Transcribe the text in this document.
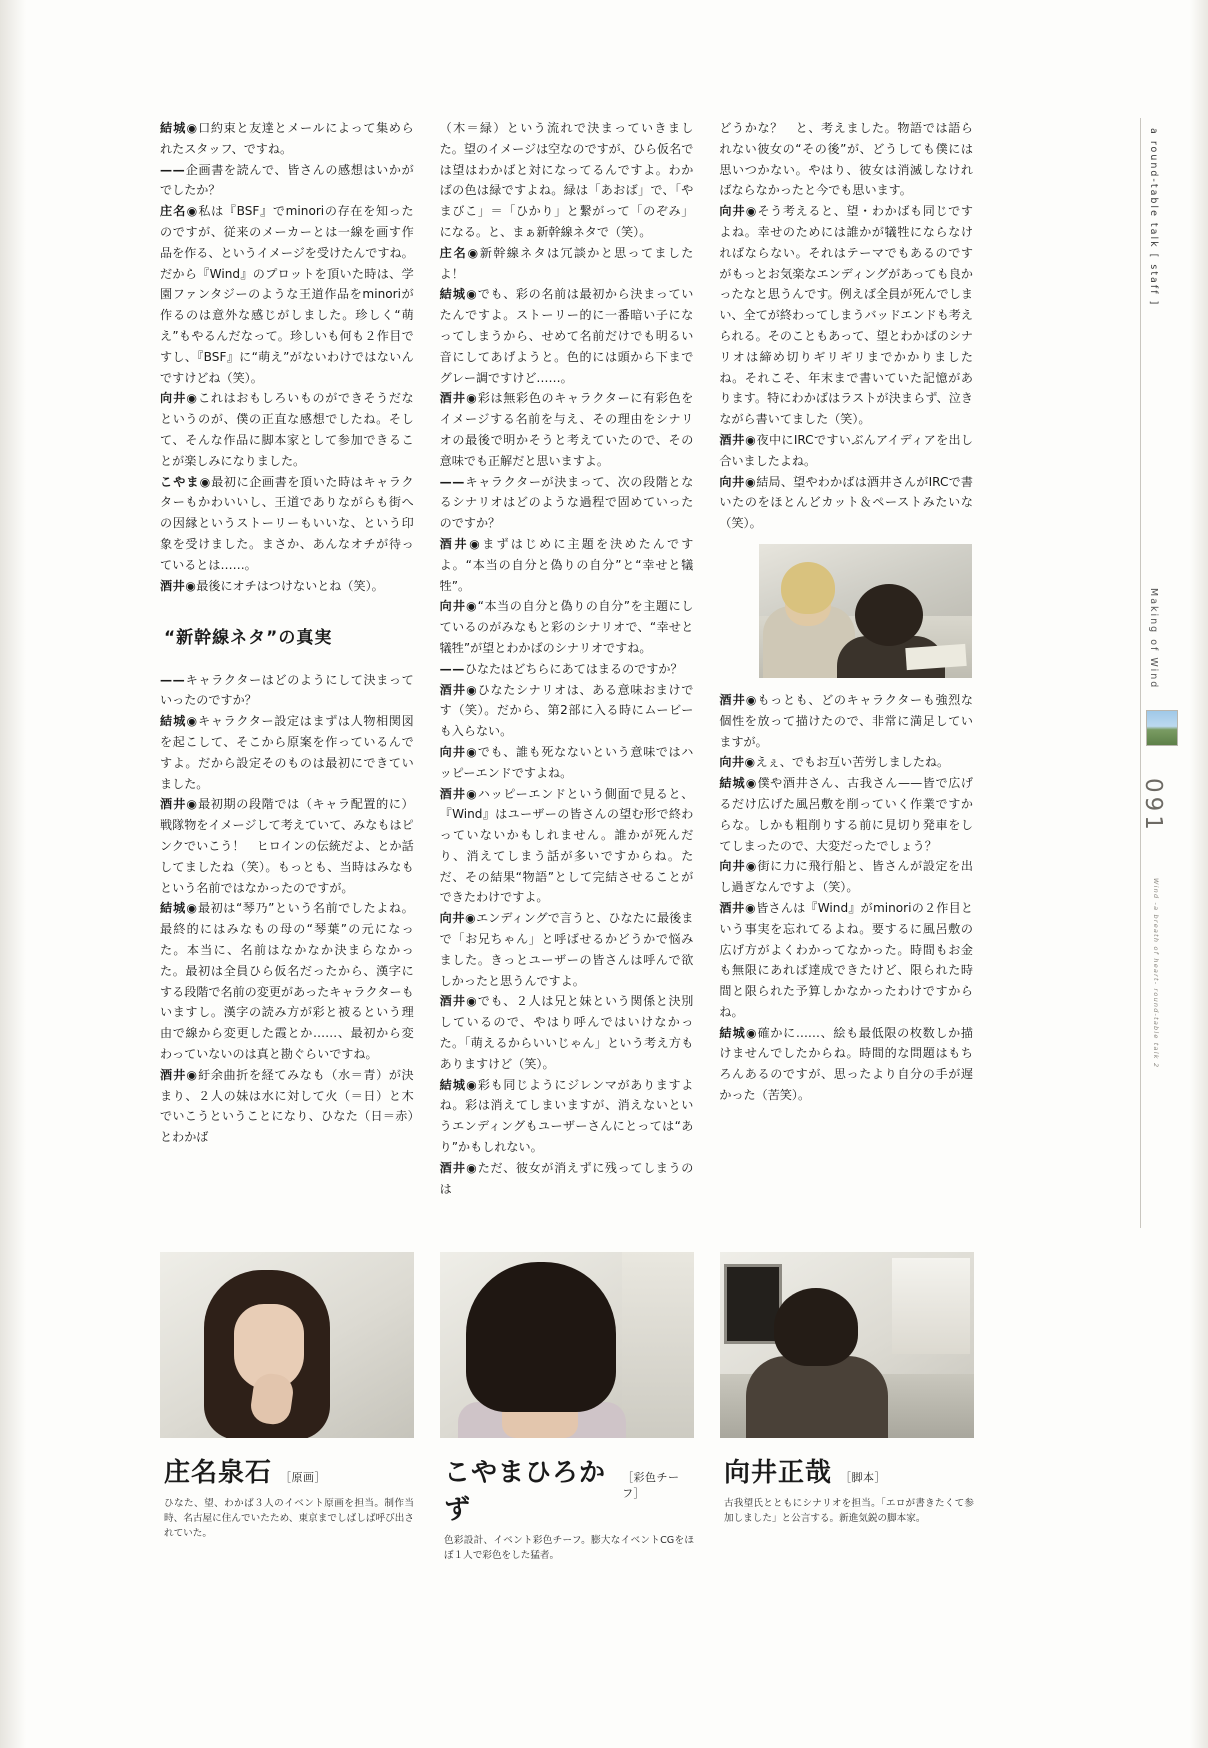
結城◉口約束と友達とメールによって集められたスタッフ、ですね。

——企画書を読んで、皆さんの感想はいかがでしたか？

庄名◉私は『BSF』でminoriの存在を知ったのですが、従来のメーカーとは一線を画す作品を作る、というイメージを受けたんですね。だから『Wind』のプロットを頂いた時は、学園ファンタジーのような王道作品をminoriが作るのは意外な感じがしました。珍しく“萌え”もやるんだなって。珍しいも何も２作目ですし、『BSF』に“萌え”がないわけではないんですけどね（笑）。

向井◉これはおもしろいものができそうだなというのが、僕の正直な感想でしたね。そして、そんな作品に脚本家として参加できることが楽しみになりました。

こやま◉最初に企画書を頂いた時はキャラクターもかわいいし、王道でありながらも街への因縁というストーリーもいいな、という印象を受けました。まさか、あんなオチが待っているとは……。

酒井◉最後にオチはつけないとね（笑）。

“新幹線ネタ”の真実

——キャラクターはどのようにして決まっていったのですか？

結城◉キャラクター設定はまずは人物相関図を起こして、そこから原案を作っているんですよ。だから設定そのものは最初にできていました。

酒井◉最初期の段階では（キャラ配置的に）戦隊物をイメージして考えていて、みなもはピンクでいこう！　ヒロインの伝統だよ、とか話してましたね（笑）。もっとも、当時はみなもという名前ではなかったのですが。

結城◉最初は“琴乃”という名前でしたよね。最終的にはみなもの母の“琴葉”の元になった。本当に、名前はなかなか決まらなかった。最初は全員ひら仮名だったから、漢字にする段階で名前の変更があったキャラクターもいますし。漢字の読み方が彩と被るという理由で線から変更した霞とか……、最初から変わっていないのは真と勘ぐらいですね。

酒井◉紆余曲折を経てみなも（水＝青）が決まり、２人の妹は水に対して火（＝日）と木でいこうということになり、ひなた（日＝赤）とわかば

（木＝緑）という流れで決まっていきました。望のイメージは空なのですが、ひら仮名では望はわかばと対になってるんですよ。わかばの色は緑ですよね。緑は「あおば」で、「やまびこ」＝「ひかり」と繋がって「のぞみ」になる。と、まぁ新幹線ネタで（笑）。

庄名◉新幹線ネタは冗談かと思ってましたよ！

結城◉でも、彩の名前は最初から決まっていたんですよ。ストーリー的に一番暗い子になってしまうから、せめて名前だけでも明るい音にしてあげようと。色的には頭から下までグレー調ですけど……。

酒井◉彩は無彩色のキャラクターに有彩色をイメージする名前を与え、その理由をシナリオの最後で明かそうと考えていたので、その意味でも正解だと思いますよ。

——キャラクターが決まって、次の段階となるシナリオはどのような過程で固めていったのですか？

酒井◉まずはじめに主題を決めたんですよ。“本当の自分と偽りの自分”と“幸せと犠牲”。

向井◉“本当の自分と偽りの自分”を主題にしているのがみなもと彩のシナリオで、“幸せと犠牲”が望とわかばのシナリオですね。

——ひなたはどちらにあてはまるのですか？

酒井◉ひなたシナリオは、ある意味おまけです（笑）。だから、第2部に入る時にムービーも入らない。

向井◉でも、誰も死なないという意味ではハッピーエンドですよね。

酒井◉ハッピーエンドという側面で見ると、『Wind』はユーザーの皆さんの望む形で終わっていないかもしれません。誰かが死んだり、消えてしまう話が多いですからね。ただ、その結果“物語”として完結させることができたわけですよ。

向井◉エンディングで言うと、ひなたに最後まで「お兄ちゃん」と呼ばせるかどうかで悩みました。きっとユーザーの皆さんは呼んで欲しかったと思うんですよ。

酒井◉でも、２人は兄と妹という関係と決別しているので、やはり呼んではいけなかった。「萌えるからいいじゃん」という考え方もありますけど（笑）。

結城◉彩も同じようにジレンマがありますよね。彩は消えてしまいますが、消えないというエンディングもユーザーさんにとっては“あり”かもしれない。

酒井◉ただ、彼女が消えずに残ってしまうのは

どうかな？　と、考えました。物語では語られない彼女の“その後”が、どうしても僕には思いつかない。やはり、彼女は消滅しなければならなかったと今でも思います。

向井◉そう考えると、望・わかばも同じですよね。幸せのためには誰かが犠牲にならなければならない。それはテーマでもあるのですがもっとお気楽なエンディングがあっても良かったなと思うんです。例えば全員が死んでしまい、全てが終わってしまうバッドエンドも考えられる。そのこともあって、望とわかばのシナリオは締め切りギリギリまでかかりましたね。それこそ、年末まで書いていた記憶があります。特にわかばはラストが決まらず、泣きながら書いてました（笑）。

酒井◉夜中にIRCですいぶんアイディアを出し合いましたよね。

向井◉結局、望やわかばは酒井さんがIRCで書いたのをほとんどカット＆ペーストみたいな（笑）。

酒井◉もっとも、どのキャラクターも強烈な個性を放って描けたので、非常に満足していますが。

向井◉えぇ、でもお互い苦労しましたね。

結城◉僕や酒井さん、古我さん——皆で広げるだけ広げた風呂敷を削っていく作業ですからな。しかも粗削りする前に見切り発車をしてしまったので、大変だったでしょう？

向井◉街に力に飛行船と、皆さんが設定を出し過ぎなんですよ（笑）。

酒井◉皆さんは『Wind』がminoriの２作目という事実を忘れてるよね。要するに風呂敷の広げ方がよくわかってなかった。時間もお金も無限にあれば達成できたけど、限られた時間と限られた予算しかなかったわけですからね。

結城◉確かに……、絵も最低限の枚数しか描けませんでしたからね。時間的な問題はもちろんあるのですが、思ったより自分の手が遅かった（苦笑）。

a round-table talk [ staff ]
Making of Wind
091
Wind -a breath of heart- round-table talk 2
庄名泉石 ［原画］
ひなた、望、わかば３人のイベント原画を担当。制作当時、名古屋に住んでいたため、東京までしばしば呼び出されていた。
こやまひろかず
［彩色チーフ］
色彩設計、イベント彩色チーフ。膨大なイベントCGをほぼ１人で彩色をした猛者。
向井正哉 ［脚本］
古我望氏とともにシナリオを担当。「エロが書きたくて参加しました」と公言する。新進気鋭の脚本家。
